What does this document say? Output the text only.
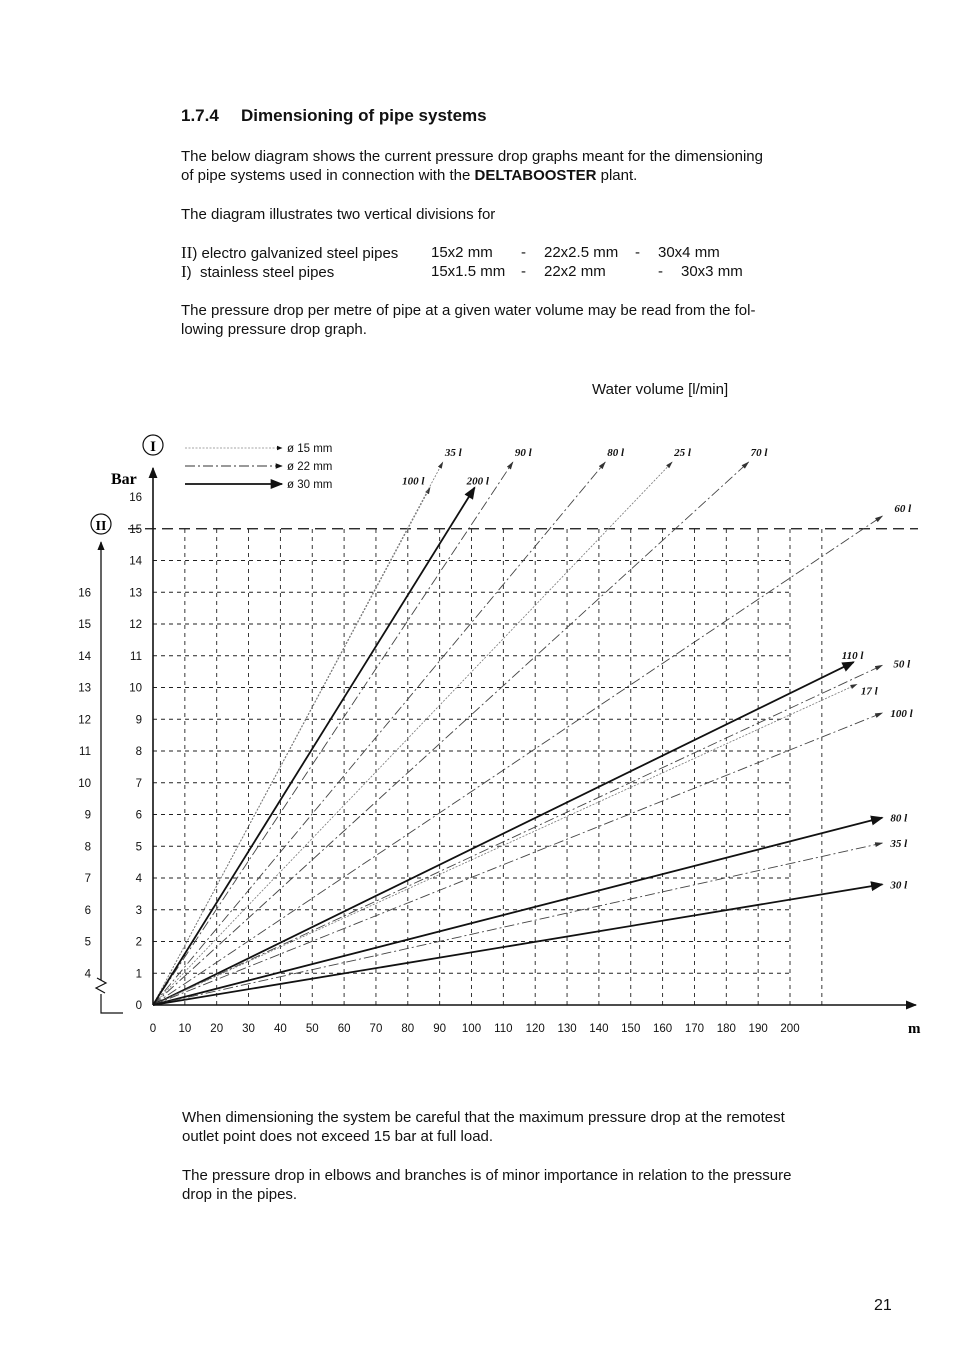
1.7.4 Dimensioning of pipe systems
The below diagram shows the current pressure drop graphs meant for the dimensioning
of pipe systems used in connection with the DELTABOOSTER plant.
The diagram illustrates two vertical divisions for
II) electro galvanized steel pipes 15x2 mm - 22x2.5 mm - 30x4 mm
I)  stainless steel pipes	15x1.5 mm - 22x2 mm	- 30x3 mm
The pressure drop per metre of pipe at a given water volume may be read from the fol-
lowing pressure drop graph.
Water volume [l/min]
0 10 20 30 40 50 60 70 80 90 100 110 120 130 140 150 160 170 180 190 200
0
1
2
3
4
5
6
7
8
9
10
11
12
13
14
15
16
4
5
6
7
8
9
10
11
12
13
14
15
16
Bar
m
I
II
100 l
35 l	90 l	80 l	25 l	70 l
200 l
60 l
110 l
50 l
17 l
100 l
80 l
35 l
30 l
ø 15 mm
ø 22 mm
ø 30 mm
When dimensioning the system be careful that the maximum pressure drop at the remotest
outlet point does not exceed 15 bar at full load.
The pressure drop in elbows and branches is of minor importance in relation to the pressure
drop in the pipes.
21
